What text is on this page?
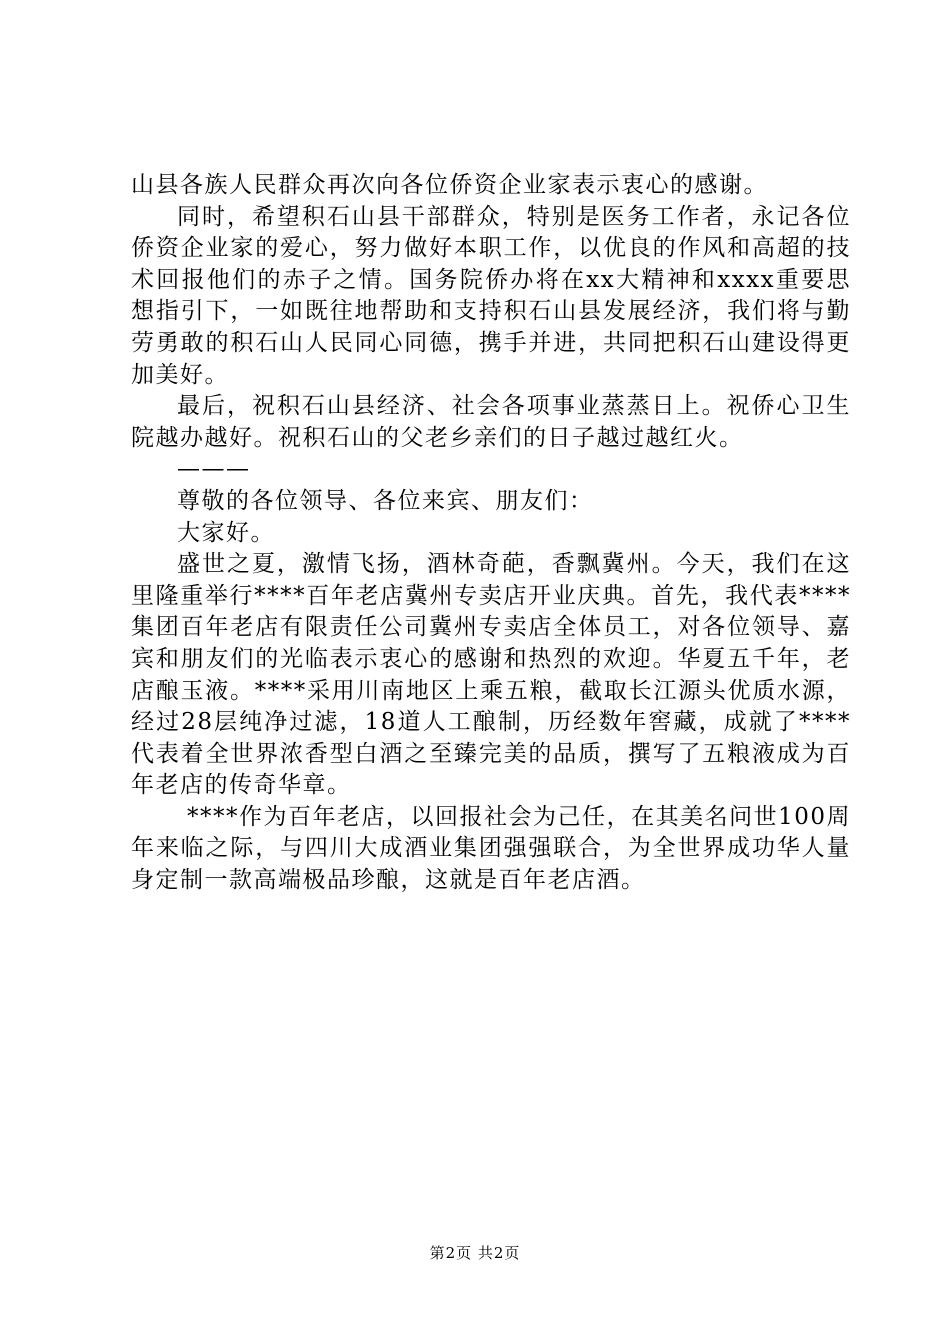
山县各族人民群众再次向各位侨资企业家表示衷心的感谢。

同时，希望积石山县干部群众，特别是医务工作者，永记各位侨资企业家的爱心，努力做好本职工作，以优良的作风和高超的技术回报他们的赤子之情。国务院侨办将在xx大精神和xxxx重要思想指引下，一如既往地帮助和支持积石山县发展经济，我们将与勤劳勇敢的积石山人民同心同德，携手并进，共同把积石山建设得更加美好。

最后，祝积石山县经济、社会各项事业蒸蒸日上。祝侨心卫生院越办越好。祝积石山的父老乡亲们的日子越过越红火。

———

尊敬的各位领导、各位来宾、朋友们：

大家好。

盛世之夏，激情飞扬，酒林奇葩，香飘冀州。今天，我们在这里隆重举行****百年老店冀州专卖店开业庆典。首先，我代表****集团百年老店有限责任公司冀州专卖店全体员工，对各位领导、嘉宾和朋友们的光临表示衷心的感谢和热烈的欢迎。华夏五千年，老店酿玉液。****采用川南地区上乘五粮，截取长江源头优质水源，经过28层纯净过滤，18道人工酿制，历经数年窖藏，成就了****代表着全世界浓香型白酒之至臻完美的品质，撰写了五粮液成为百年老店的传奇华章。

****作为百年老店，以回报社会为己任，在其美名问世100周年来临之际，与四川大成酒业集团强强联合，为全世界成功华人量身定制一款高端极品珍酿，这就是百年老店酒。

第2页 共2页
